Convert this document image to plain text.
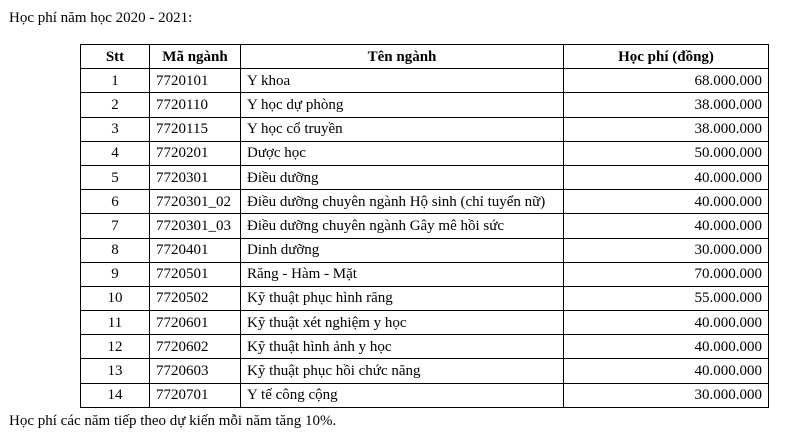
Học phí năm học 2020 - 2021:
Stt	Mã ngành	Tên ngành	Học phí (đồng)
1	7720101	Y khoa	68.000.000
2	7720110	Y học dự phòng	38.000.000
3	7720115	Y học cổ truyền	38.000.000
4	7720201	Dược học	50.000.000
5	7720301	Điều dưỡng	40.000.000
6	7720301_02	Điều dưỡng chuyên ngành Hộ sinh (chỉ tuyển nữ)	40.000.000
7	7720301_03	Điều dưỡng chuyên ngành Gây mê hồi sức	40.000.000
8	7720401	Dinh dưỡng	30.000.000
9	7720501	Răng - Hàm - Mặt	70.000.000
10	7720502	Kỹ thuật phục hình răng	55.000.000
11	7720601	Kỹ thuật xét nghiệm y học	40.000.000
12	7720602	Kỹ thuật hình ảnh y học	40.000.000
13	7720603	Kỹ thuật phục hồi chức năng	40.000.000
14	7720701	Y tế công cộng	30.000.000
Học phí các năm tiếp theo dự kiến mỗi năm tăng 10%.
